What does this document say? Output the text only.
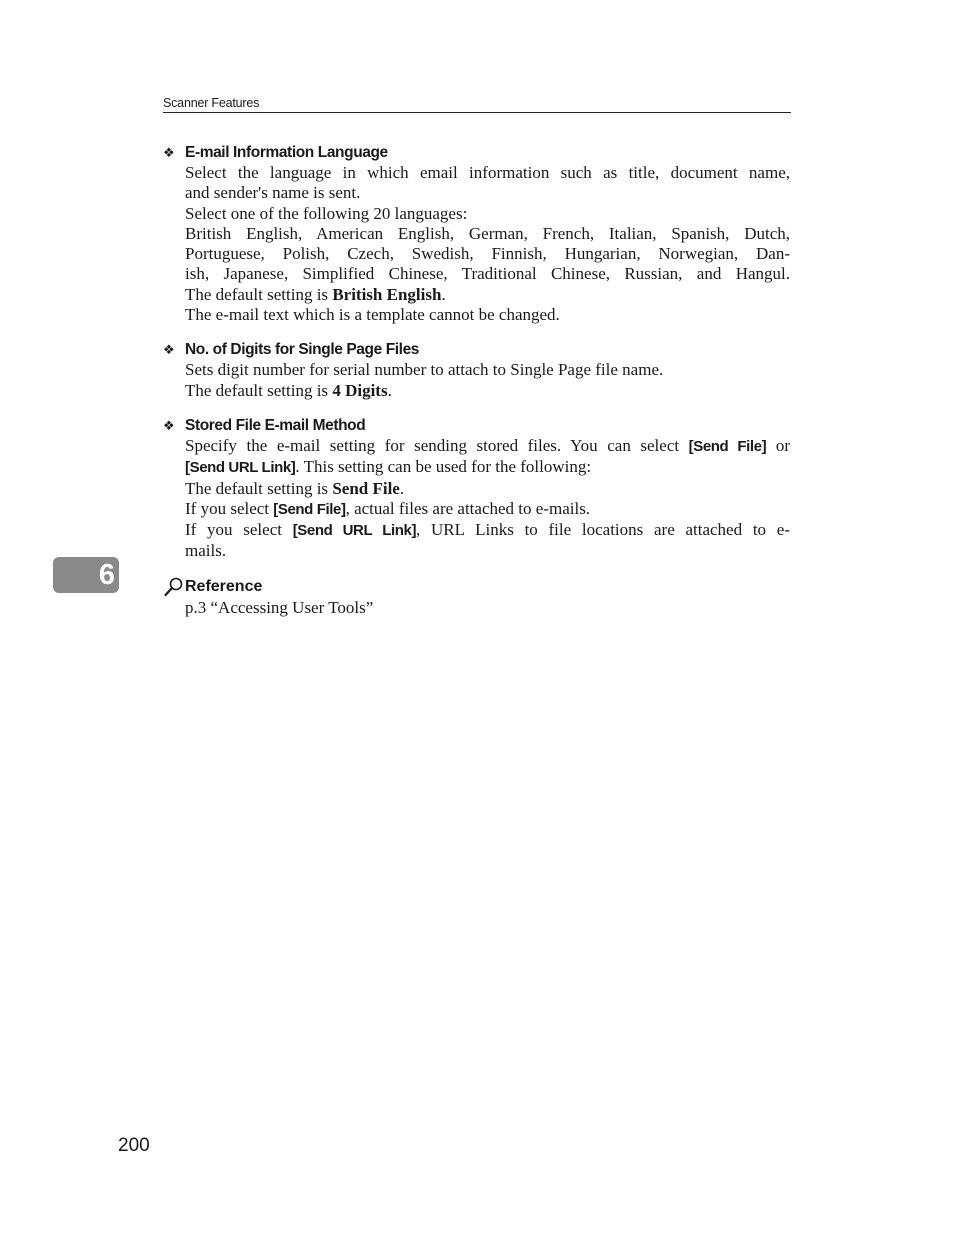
Scanner Features
❖ E-mail Information Language
Select the language in which email information such as title, document name,
and sender's name is sent.
Select one of the following 20 languages:
British English, American English, German, French, Italian, Spanish, Dutch,
Portuguese, Polish, Czech, Swedish, Finnish, Hungarian, Norwegian, Dan-
ish, Japanese, Simplified Chinese, Traditional Chinese, Russian, and Hangul.
The default setting is British English.
The e-mail text which is a template cannot be changed.
❖ No. of Digits for Single Page Files
Sets digit number for serial number to attach to Single Page file name.
The default setting is 4 Digits.
❖ Stored File E-mail Method
Specify the e-mail setting for sending stored files. You can select [Send File] or
[Send URL Link]. This setting can be used for the following:
The default setting is Send File.
If you select [Send File], actual files are attached to e-mails.
If you select [Send URL Link], URL Links to file locations are attached to e-
mails.
Reference
p.3 “Accessing User Tools”
6
200
